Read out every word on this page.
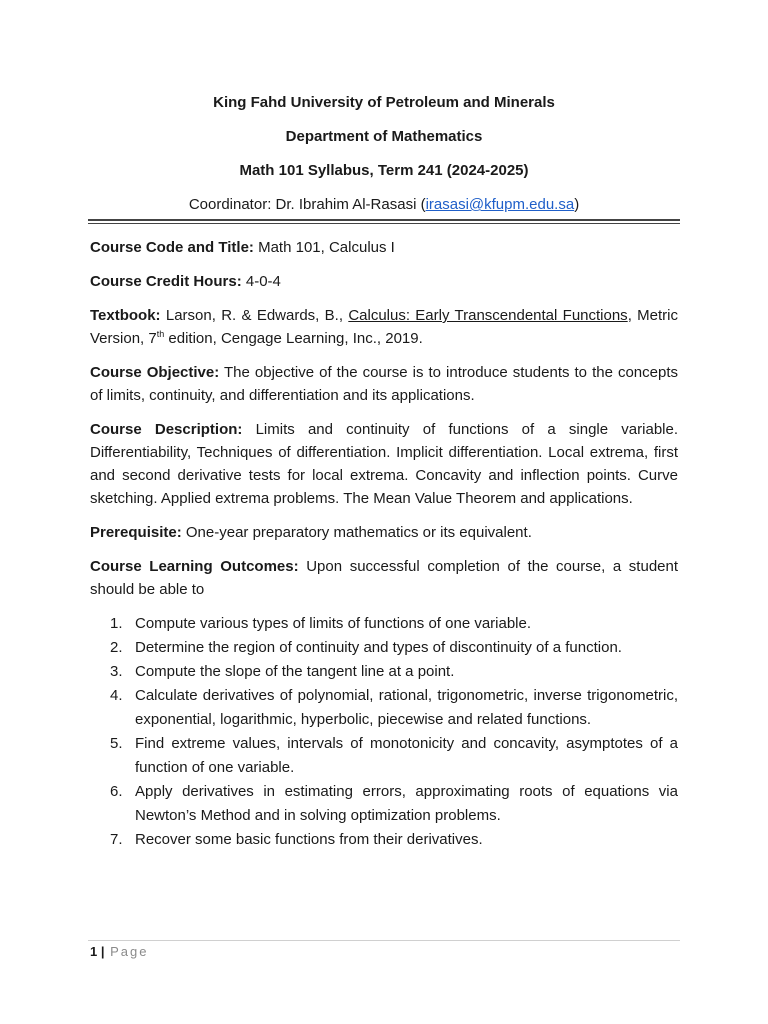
King Fahd University of Petroleum and Minerals
Department of Mathematics
Math 101 Syllabus, Term 241 (2024-2025)
Coordinator: Dr. Ibrahim Al-Rasasi (irasasi@kfupm.edu.sa)

Course Code and Title: Math 101, Calculus I

Course Credit Hours: 4-0-4

Textbook: Larson, R. & Edwards, B., Calculus: Early Transcendental Functions, Metric Version, 7th edition, Cengage Learning, Inc., 2019.

Course Objective: The objective of the course is to introduce students to the concepts of limits, continuity, and differentiation and its applications.

Course Description: Limits and continuity of functions of a single variable. Differentiability, Techniques of differentiation. Implicit differentiation. Local extrema, first and second derivative tests for local extrema. Concavity and inflection points. Curve sketching. Applied extrema problems. The Mean Value Theorem and applications.

Prerequisite: One-year preparatory mathematics or its equivalent.

Course Learning Outcomes: Upon successful completion of the course, a student should be able to

1. Compute various types of limits of functions of one variable.
2. Determine the region of continuity and types of discontinuity of a function.
3. Compute the slope of the tangent line at a point.
4. Calculate derivatives of polynomial, rational, trigonometric, inverse trigonometric, exponential, logarithmic, hyperbolic, piecewise and related functions.
5. Find extreme values, intervals of monotonicity and concavity, asymptotes of a function of one variable.
6. Apply derivatives in estimating errors, approximating roots of equations via Newton’s Method and in solving optimization problems.
7. Recover some basic functions from their derivatives.
1 | Page
